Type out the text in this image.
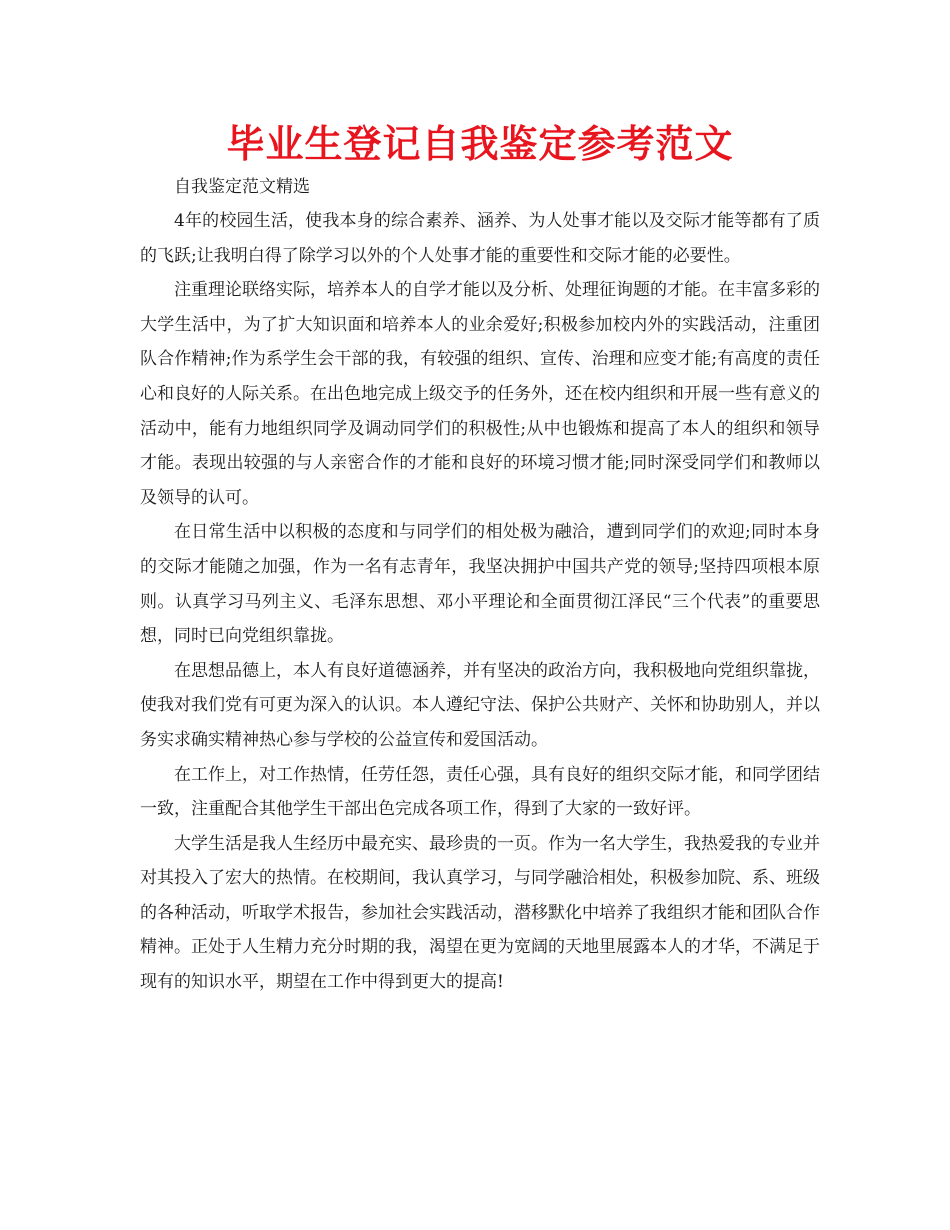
毕业生登记自我鉴定参考范文

自我鉴定范文精选

4年的校园生活，使我本身的综合素养、涵养、为人处事才能以及交际才能等都有了质的飞跃;让我明白得了除学习以外的个人处事才能的重要性和交际才能的必要性。

注重理论联络实际，培养本人的自学才能以及分析、处理征询题的才能。在丰富多彩的大学生活中，为了扩大知识面和培养本人的业余爱好;积极参加校内外的实践活动，注重团队合作精神;作为系学生会干部的我，有较强的组织、宣传、治理和应变才能;有高度的责任心和良好的人际关系。在出色地完成上级交予的任务外，还在校内组织和开展一些有意义的活动中，能有力地组织同学及调动同学们的积极性;从中也锻炼和提高了本人的组织和领导才能。表现出较强的与人亲密合作的才能和良好的环境习惯才能;同时深受同学们和教师以及领导的认可。

在日常生活中以积极的态度和与同学们的相处极为融洽，遭到同学们的欢迎;同时本身的交际才能随之加强，作为一名有志青年，我坚决拥护中国共产党的领导;坚持四项根本原则。认真学习马列主义、毛泽东思想、邓小平理论和全面贯彻江泽民“三个代表”的重要思想，同时已向党组织靠拢。

在思想品德上，本人有良好道德涵养，并有坚决的政治方向，我积极地向党组织靠拢，使我对我们党有可更为深入的认识。本人遵纪守法、保护公共财产、关怀和协助别人，并以务实求确实精神热心参与学校的公益宣传和爱国活动。

在工作上，对工作热情，任劳任怨，责任心强，具有良好的组织交际才能，和同学团结一致，注重配合其他学生干部出色完成各项工作，得到了大家的一致好评。

大学生活是我人生经历中最充实、最珍贵的一页。作为一名大学生，我热爱我的专业并对其投入了宏大的热情。在校期间，我认真学习，与同学融洽相处，积极参加院、系、班级的各种活动，听取学术报告，参加社会实践活动，潜移默化中培养了我组织才能和团队合作精神。正处于人生精力充分时期的我，渴望在更为宽阔的天地里展露本人的才华，不满足于现有的知识水平，期望在工作中得到更大的提高!
